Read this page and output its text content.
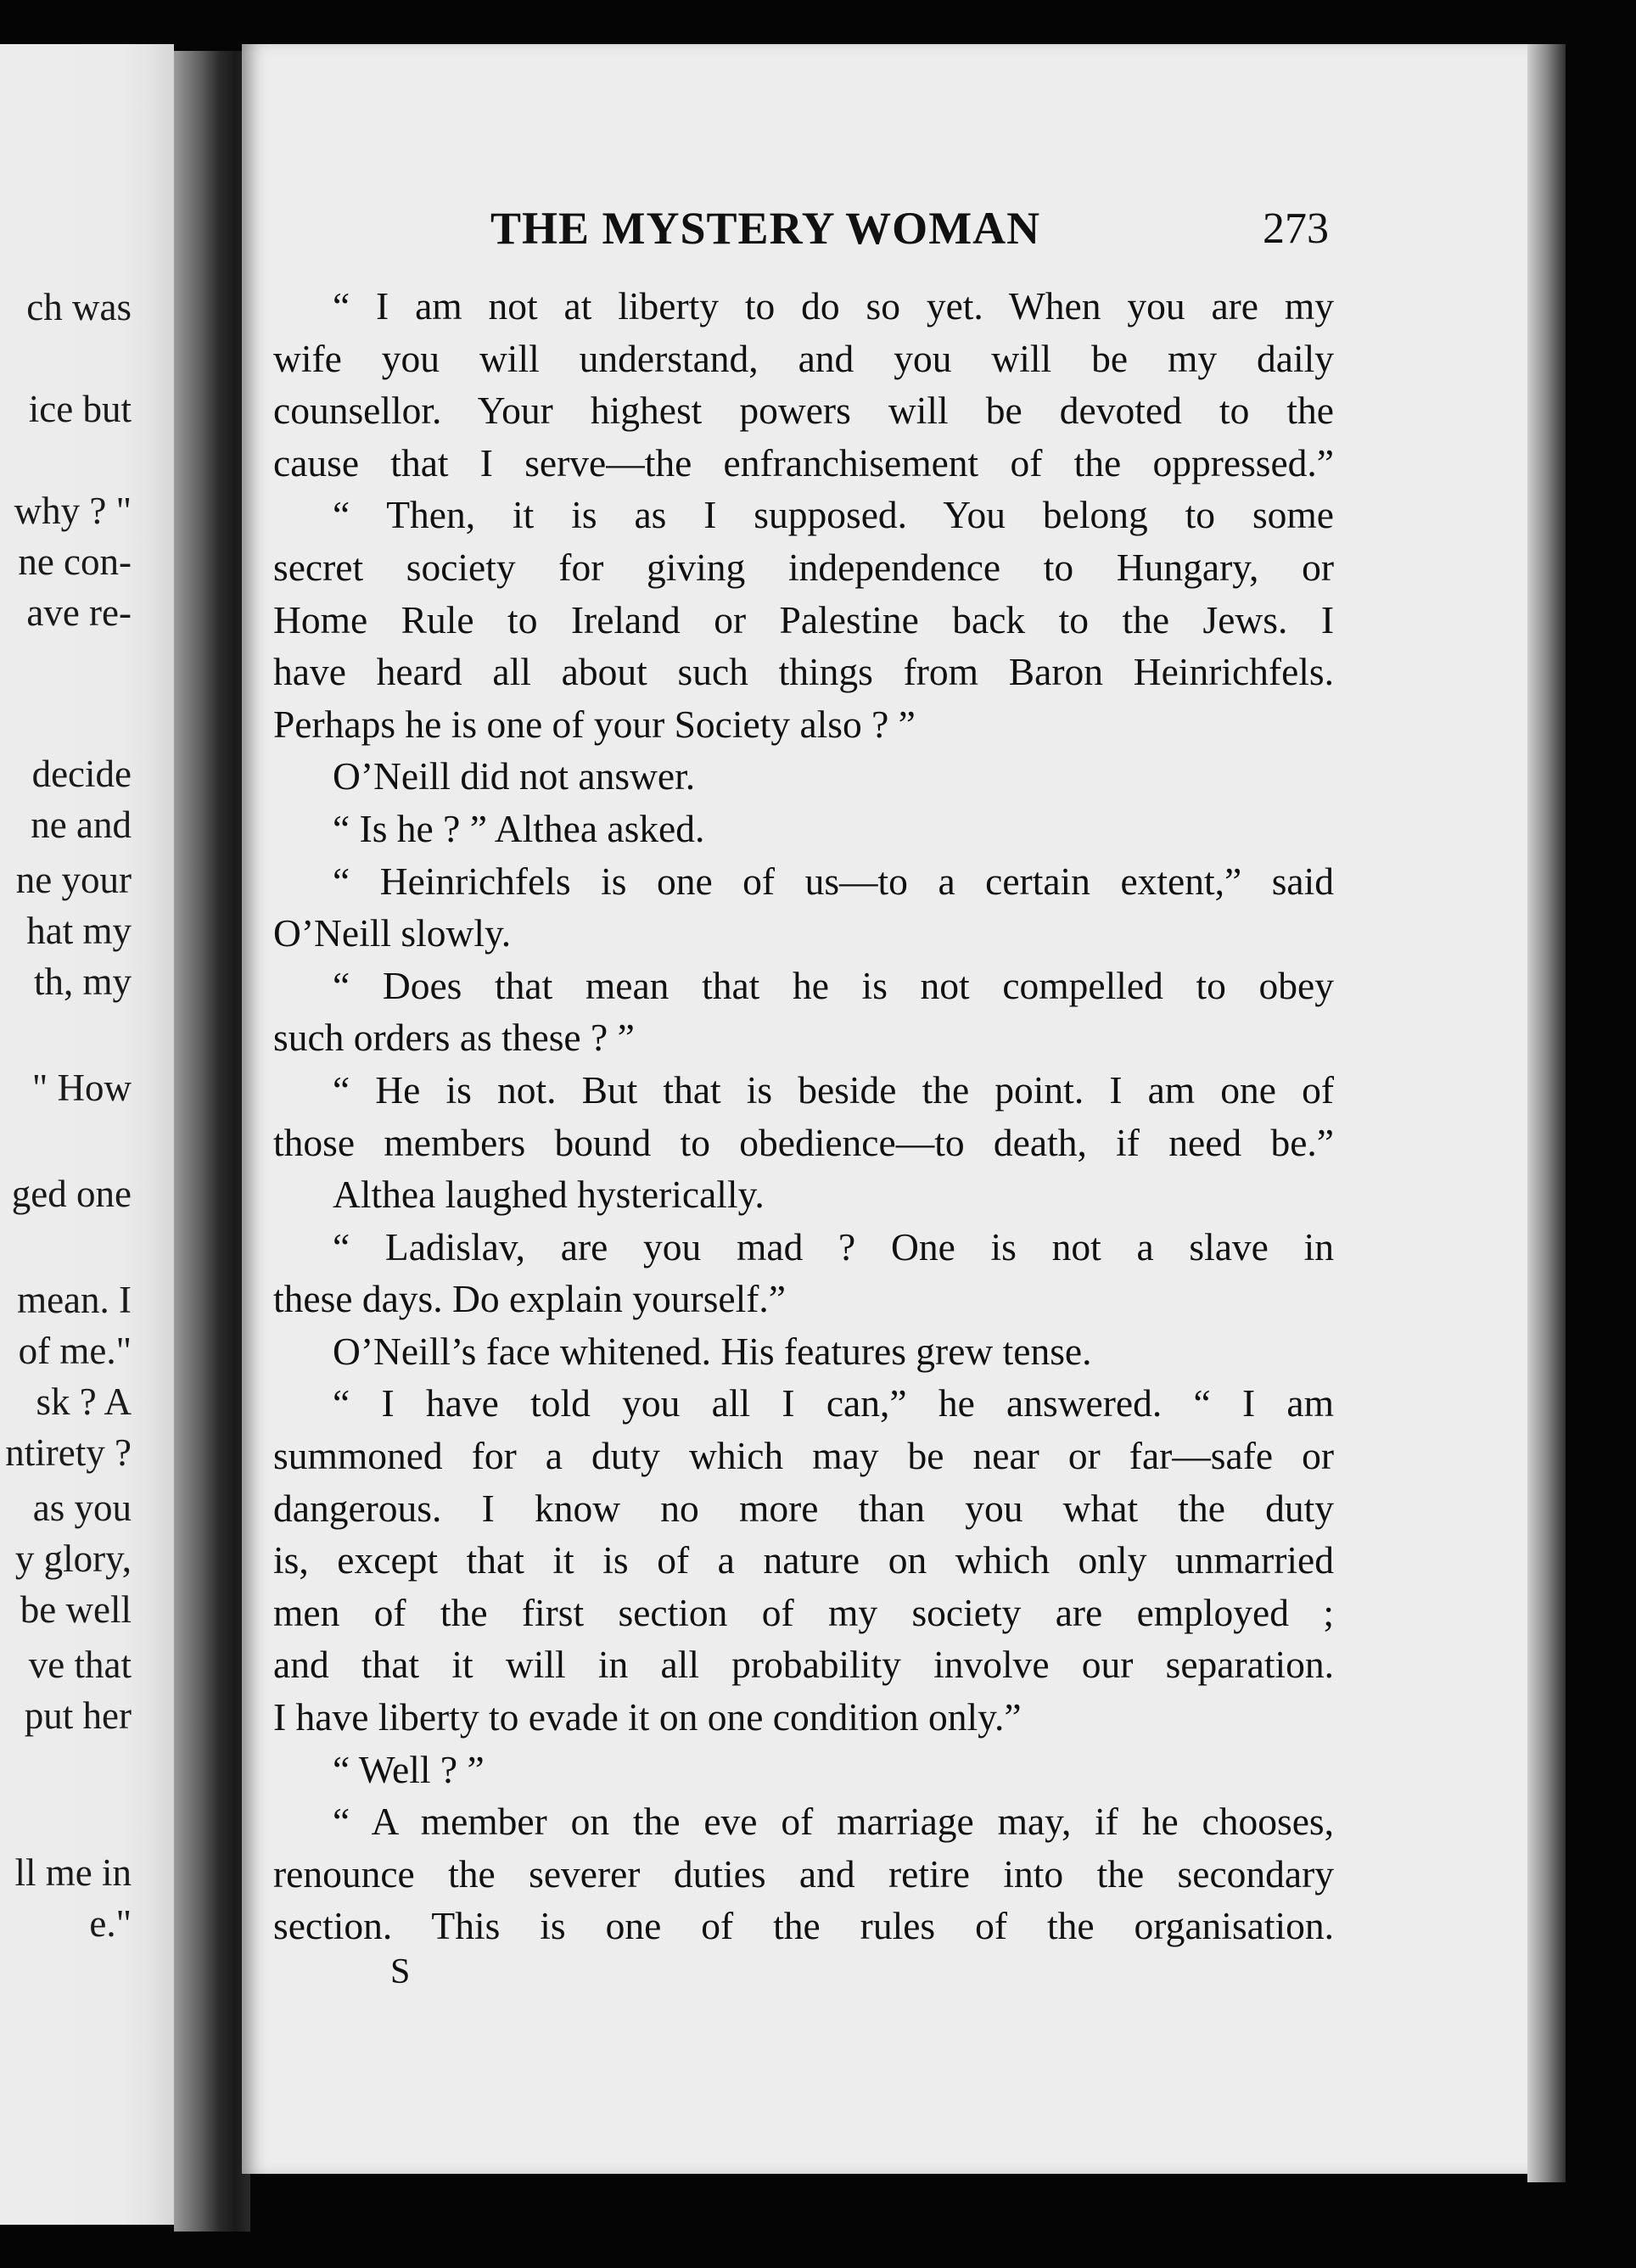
ch was
ice but
why ? "
ne con-
ave re-
decide
ne and
ne your
hat my
th, my
" How
ged one
mean. I
of me."
sk ? A
ntirety ?
as you
y glory,
be well
ve that
put her
ll me in
e."
THE MYSTERY WOMAN	273
“ I am not at liberty to do so yet. When you are my
wife you will understand, and you will be my daily
counsellor. Your highest powers will be devoted to the
cause that I serve—the enfranchisement of the oppressed.”
“ Then, it is as I supposed. You belong to some
secret society for giving independence to Hungary, or
Home Rule to Ireland or Palestine back to the Jews. I
have heard all about such things from Baron Heinrichfels.
Perhaps he is one of your Society also ? ”
O’Neill did not answer.
“ Is he ? ” Althea asked.
“ Heinrichfels is one of us—to a certain extent,” said
O’Neill slowly.
“ Does that mean that he is not compelled to obey
such orders as these ? ”
“ He is not. But that is beside the point. I am one of
those members bound to obedience—to death, if need be.”
Althea laughed hysterically.
“ Ladislav, are you mad ? One is not a slave in
these days. Do explain yourself.”
O’Neill’s face whitened. His features grew tense.
“ I have told you all I can,” he answered. “ I am
summoned for a duty which may be near or far—safe or
dangerous. I know no more than you what the duty
is, except that it is of a nature on which only unmarried
men of the first section of my society are employed ;
and that it will in all probability involve our separation.
I have liberty to evade it on one condition only.”
“ Well ? ”
“ A member on the eve of marriage may, if he chooses,
renounce the severer duties and retire into the secondary
section. This is one of the rules of the organisation.
S
